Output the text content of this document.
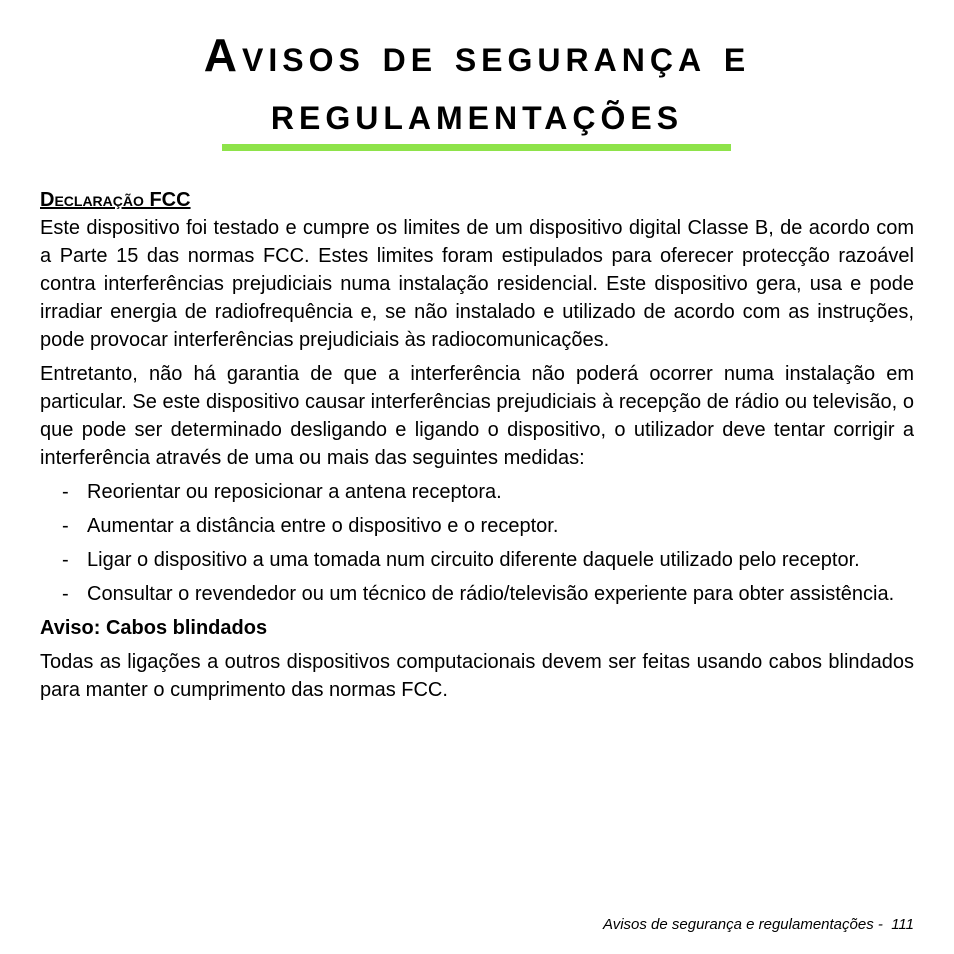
Avisos de segurança e
regulamentações
Declaração FCC

Este dispositivo foi testado e cumpre os limites de um dispositivo digital Classe B, de acordo com a Parte 15 das normas FCC. Estes limites foram estipulados para oferecer protecção razoável contra interferências prejudiciais numa instalação residencial. Este dispositivo gera, usa e pode irradiar energia de radiofrequência e, se não instalado e utilizado de acordo com as instruções, pode provocar interferências prejudiciais às radiocomunicações.

Entretanto, não há garantia de que a interferência não poderá ocorrer numa instalação em particular. Se este dispositivo causar interferências prejudiciais à recepção de rádio ou televisão, o que pode ser determinado desligando e ligando o dispositivo, o utilizador deve tentar corrigir a interferência através de uma ou mais das seguintes medidas:

- Reorientar ou reposicionar a antena receptora.
- Aumentar a distância entre o dispositivo e o receptor.
- Ligar o dispositivo a uma tomada num circuito diferente daquele utilizado pelo receptor.
- Consultar o revendedor ou um técnico de rádio/televisão experiente para obter assistência.

Aviso: Cabos blindados

Todas as ligações a outros dispositivos computacionais devem ser feitas usando cabos blindados para manter o cumprimento das normas FCC.

Avisos de segurança e regulamentações -  111
